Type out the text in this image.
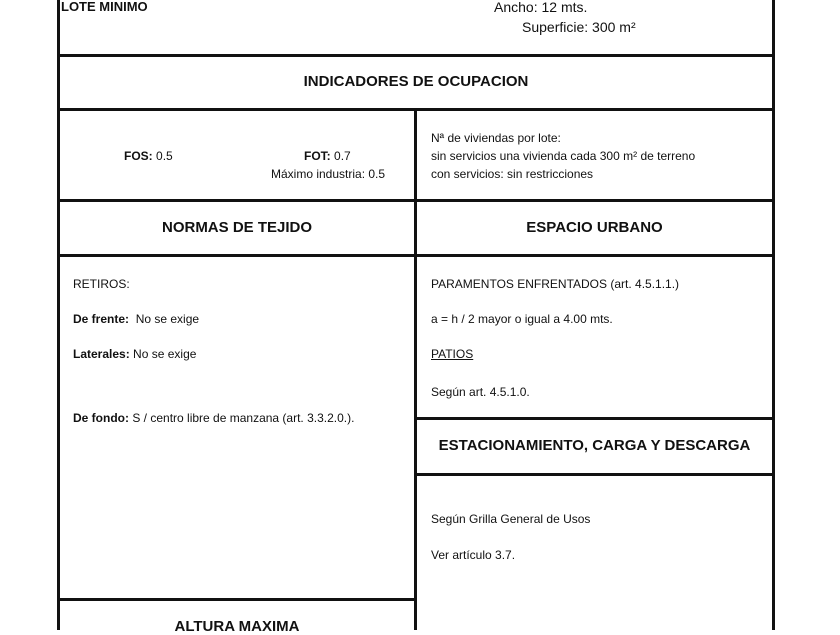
LOTE MINIMO	Ancho: 12 mts.
Superficie: 300 m²
INDICADORES DE OCUPACION
FOS: 0.5	FOT: 0.7
Máximo industria: 0.5
Nª de viviendas por lote:
sin servicios una vivienda cada 300 m² de terreno
con servicios: sin restricciones
NORMAS DE TEJIDO	ESPACIO URBANO
RETIROS:
De frente: No se exige
Laterales: No se exige
De fondo: S / centro libre de manzana (art. 3.3.2.0.).
PARAMENTOS ENFRENTADOS (art. 4.5.1.1.)
a = h / 2 mayor o igual a 4.00 mts.
PATIOS
Según art. 4.5.1.0.
ESTACIONAMIENTO, CARGA Y DESCARGA
Según Grilla General de Usos
Ver artículo 3.7.
ALTURA MAXIMA
